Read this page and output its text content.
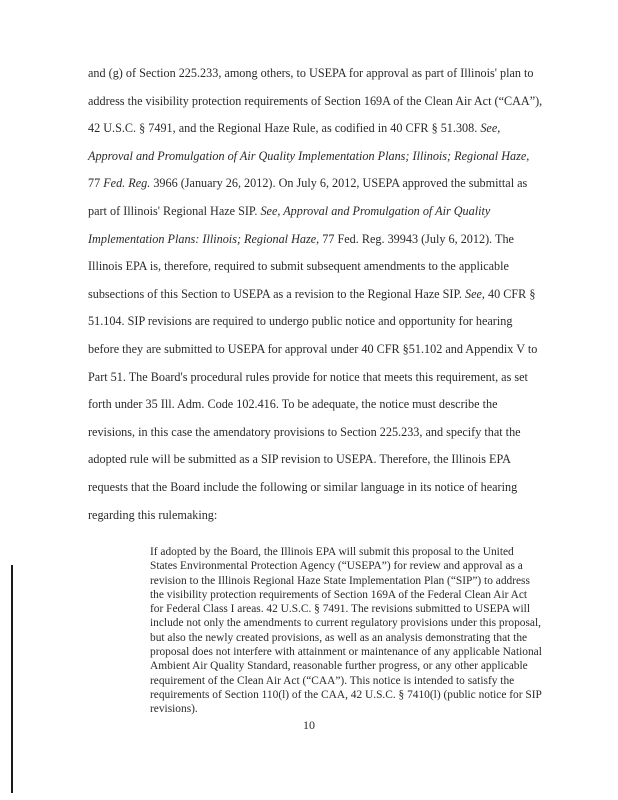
and (g) of Section 225.233, among others, to USEPA for approval as part of Illinois' plan to
address the visibility protection requirements of Section 169A of the Clean Air Act (“CAA”),
42 U.S.C. § 7491, and the Regional Haze Rule, as codified in 40 CFR § 51.308. See,
Approval and Promulgation of Air Quality Implementation Plans; Illinois; Regional Haze,
77 Fed. Reg. 3966 (January 26, 2012). On July 6, 2012, USEPA approved the submittal as
part of Illinois' Regional Haze SIP. See, Approval and Promulgation of Air Quality
Implementation Plans: Illinois; Regional Haze, 77 Fed. Reg. 39943 (July 6, 2012). The
Illinois EPA is, therefore, required to submit subsequent amendments to the applicable
subsections of this Section to USEPA as a revision to the Regional Haze SIP. See, 40 CFR §
51.104. SIP revisions are required to undergo public notice and opportunity for hearing
before they are submitted to USEPA for approval under 40 CFR §51.102 and Appendix V to
Part 51. The Board's procedural rules provide for notice that meets this requirement, as set
forth under 35 Ill. Adm. Code 102.416. To be adequate, the notice must describe the
revisions, in this case the amendatory provisions to Section 225.233, and specify that the
adopted rule will be submitted as a SIP revision to USEPA. Therefore, the Illinois EPA
requests that the Board include the following or similar language in its notice of hearing
regarding this rulemaking:
If adopted by the Board, the Illinois EPA will submit this proposal to the United
States Environmental Protection Agency (“USEPA”) for review and approval as a
revision to the Illinois Regional Haze State Implementation Plan (“SIP”) to address
the visibility protection requirements of Section 169A of the Federal Clean Air Act
for Federal Class I areas. 42 U.S.C. § 7491. The revisions submitted to USEPA will
include not only the amendments to current regulatory provisions under this proposal,
but also the newly created provisions, as well as an analysis demonstrating that the
proposal does not interfere with attainment or maintenance of any applicable National
Ambient Air Quality Standard, reasonable further progress, or any other applicable
requirement of the Clean Air Act (“CAA”). This notice is intended to satisfy the
requirements of Section 110(l) of the CAA, 42 U.S.C. § 7410(l) (public notice for SIP
revisions).
10
